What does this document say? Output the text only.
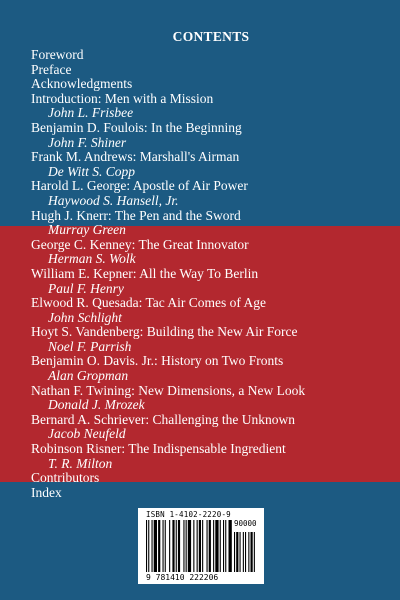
CONTENTS
Foreword
Preface
Acknowledgments
Introduction: Men with a Mission
John L. Frisbee
Benjamin D. Foulois: In the Beginning
John F. Shiner
Frank M. Andrews: Marshall's Airman
De Witt S. Copp
Harold L. George: Apostle of Air Power
Haywood S. Hansell, Jr.
Hugh J. Knerr: The Pen and the Sword
Murray Green
George C. Kenney: The Great Innovator
Herman S. Wolk
William E. Kepner: All the Way To Berlin
Paul F. Henry
Elwood R. Quesada: Tac Air Comes of Age
John Schlight
Hoyt S. Vandenberg: Building the New Air Force
Noel F. Parrish
Benjamin O. Davis. Jr.: History on Two Fronts
Alan Gropman
Nathan F. Twining: New Dimensions, a New Look
Donald J. Mrozek
Bernard A. Schriever: Challenging the Unknown
Jacob Neufeld
Robinson Risner: The Indispensable Ingredient
T. R. Milton
Contributors
Index
ISBN 1-4102-2220-9
90000
9 781410 222206
